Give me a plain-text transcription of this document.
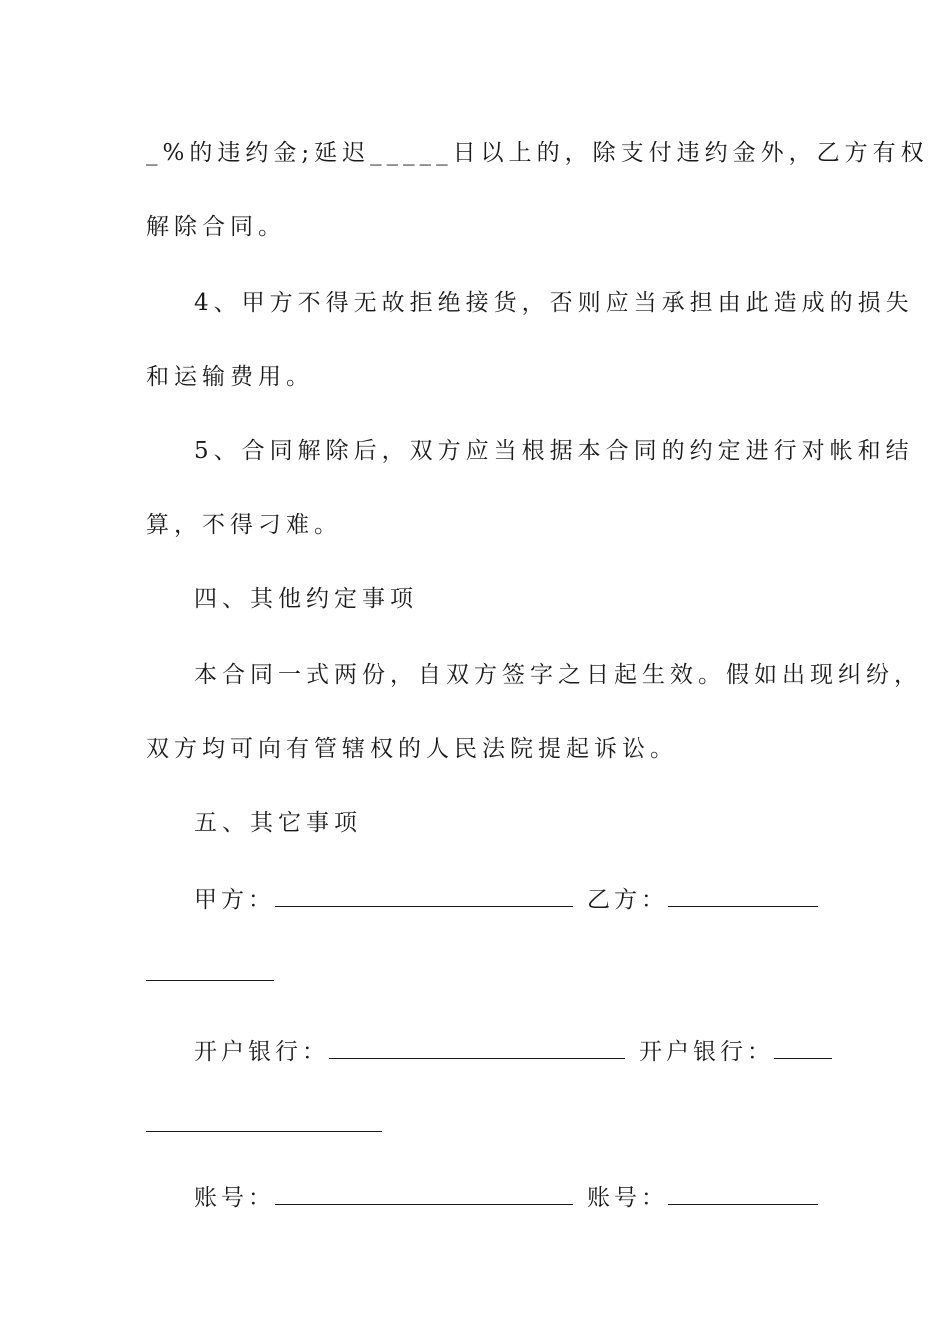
_%的违约金;延迟_____日以上的，除支付违约金外，乙方有权
解除合同。
4、甲方不得无故拒绝接货，否则应当承担由此造成的损失
和运输费用。
5、合同解除后，双方应当根据本合同的约定进行对帐和结
算，不得刁难。
四、其他约定事项
本合同一式两份，自双方签字之日起生效。假如出现纠纷，
双方均可向有管辖权的人民法院提起诉讼。
五、其它事项
甲方：	乙方：
开户银行：	开户银行：
账号：	账号：
